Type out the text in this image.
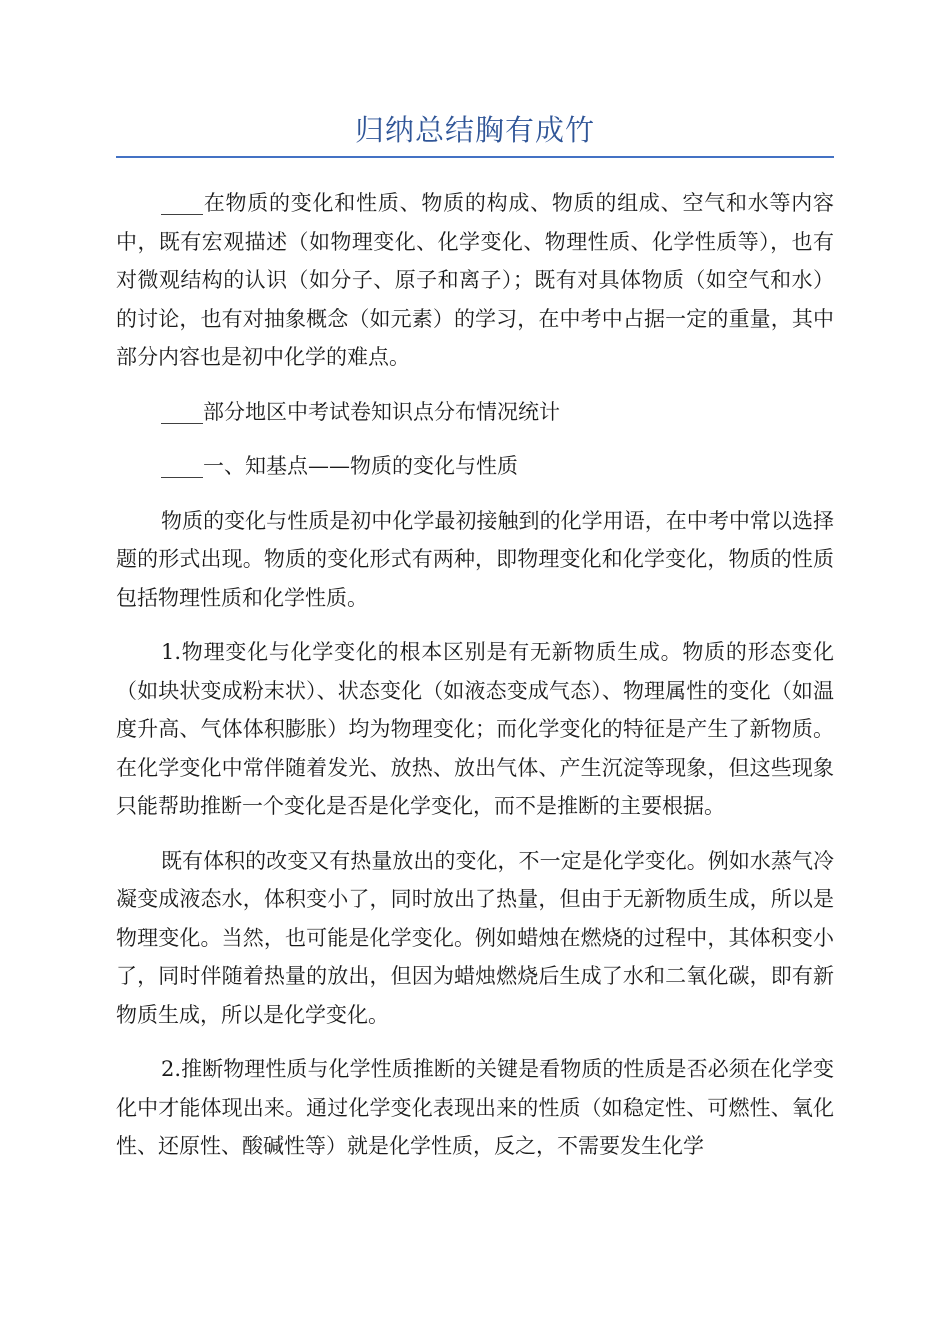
归纳总结胸有成竹

____在物质的变化和性质、物质的构成、物质的组成、空气和水等内容中，既有宏观描述（如物理变化、化学变化、物理性质、化学性质等），也有对微观结构的认识（如分子、原子和离子）；既有对具体物质（如空气和水）的讨论，也有对抽象概念（如元素）的学习，在中考中占据一定的重量，其中部分内容也是初中化学的难点。

____部分地区中考试卷知识点分布情况统计

____一、知基点——物质的变化与性质

物质的变化与性质是初中化学最初接触到的化学用语，在中考中常以选择题的形式出现。物质的变化形式有两种，即物理变化和化学变化，物质的性质包括物理性质和化学性质。

1.物理变化与化学变化的根本区别是有无新物质生成。物质的形态变化（如块状变成粉末状）、状态变化（如液态变成气态）、物理属性的变化（如温度升高、气体体积膨胀）均为物理变化；而化学变化的特征是产生了新物质。在化学变化中常伴随着发光、放热、放出气体、产生沉淀等现象，但这些现象只能帮助推断一个变化是否是化学变化，而不是推断的主要根据。

既有体积的改变又有热量放出的变化，不一定是化学变化。例如水蒸气冷凝变成液态水，体积变小了，同时放出了热量，但由于无新物质生成，所以是物理变化。当然，也可能是化学变化。例如蜡烛在燃烧的过程中，其体积变小了，同时伴随着热量的放出，但因为蜡烛燃烧后生成了水和二氧化碳，即有新物质生成，所以是化学变化。

2.推断物理性质与化学性质推断的关键是看物质的性质是否必须在化学变化中才能体现出来。通过化学变化表现出来的性质（如稳定性、可燃性、氧化性、还原性、酸碱性等）就是化学性质，反之，不需要发生化学
